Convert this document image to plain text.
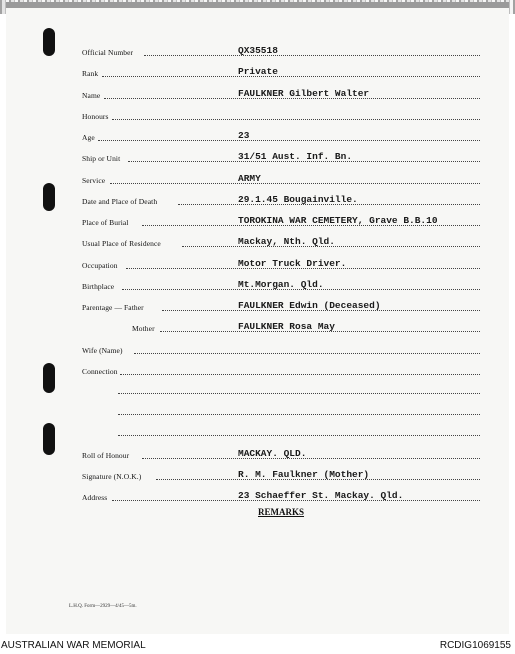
Official Number	QX35518
Rank	Private
Name	FAULKNER Gilbert Walter
Honours
Age	23
Ship or Unit	31/51 Aust. Inf. Bn.
Service	ARMY
Date and Place of Death	29.1.45 Bougainville.
Place of Burial	TOROKINA WAR CEMETERY, Grave B.B.10
Usual Place of Residence	Mackay, Nth. Qld.
Occupation	Motor Truck Driver.
Birthplace	Mt.Morgan. Qld.
Parentage — Father	FAULKNER Edwin (Deceased)
Mother	FAULKNER Rosa May
Wife (Name)
Connection
Roll of Honour	MACKAY. QLD.
Signature (N.O.K.)	R. M. Faulkner (Mother)
Address	23 Schaeffer St. Mackay. Qld.
REMARKS
L.H.Q. Form—2929—4/45—5m.
AUSTRALIAN WAR MEMORIAL	RCDIG1069155
